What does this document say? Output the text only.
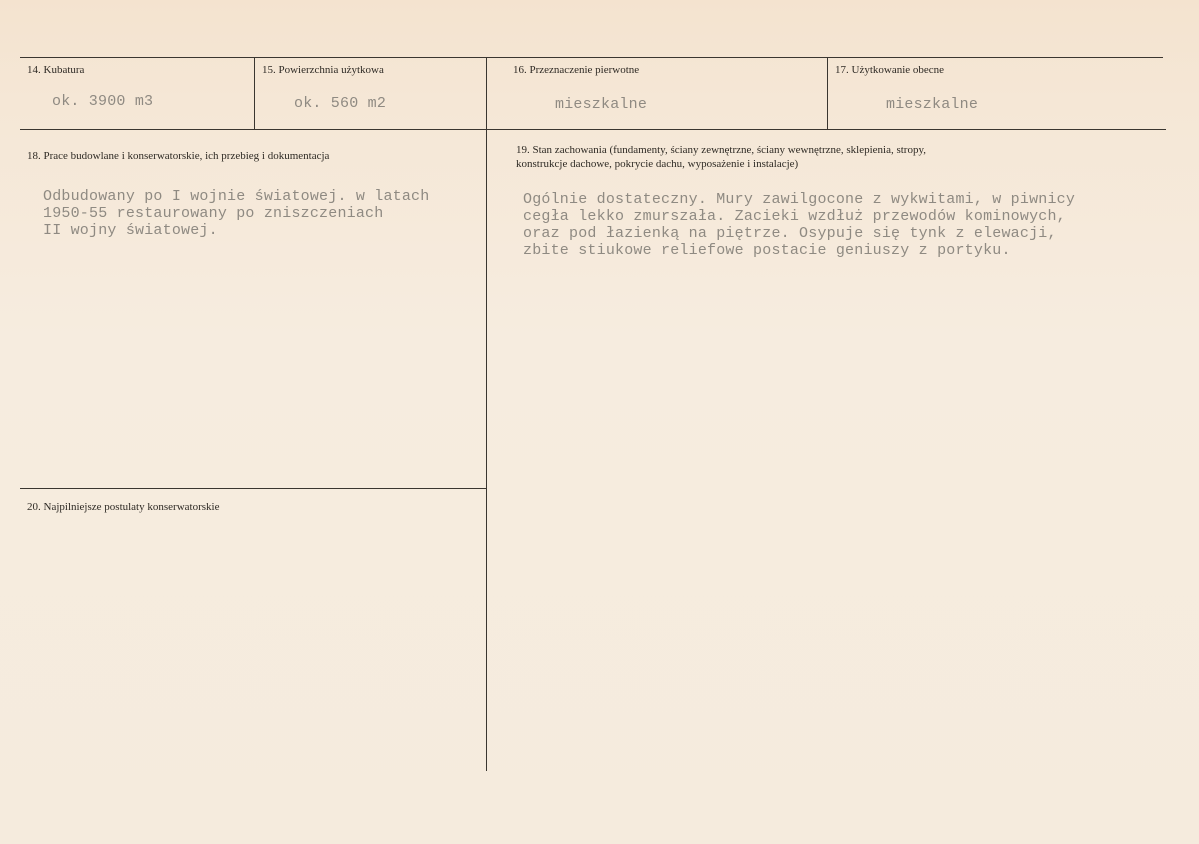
14. Kubatura
ok. 3900 m3
15. Powierzchnia użytkowa
ok. 560 m2
16. Przeznaczenie pierwotne
mieszkalne
17. Użytkowanie obecne
mieszkalne
18. Prace budowlane i konserwatorskie, ich przebieg i dokumentacja
Odbudowany po I wojnie światowej. w latach
1950-55 restaurowany po zniszczeniach
II wojny światowej.
19. Stan zachowania (fundamenty, ściany zewnętrzne, ściany wewnętrzne, sklepienia, stropy,
konstrukcje dachowe, pokrycie dachu, wyposażenie i instalacje)
Ogólnie dostateczny. Mury zawilgocone z wykwitami, w piwnicy
cegła lekko zmurszała. Zacieki wzdłuż przewodów kominowych,
oraz pod łazienką na piętrze. Osypuje się tynk z elewacji,
zbite stiukowe reliefowe postacie geniuszy z portyku.
20. Najpilniejsze postulaty konserwatorskie
